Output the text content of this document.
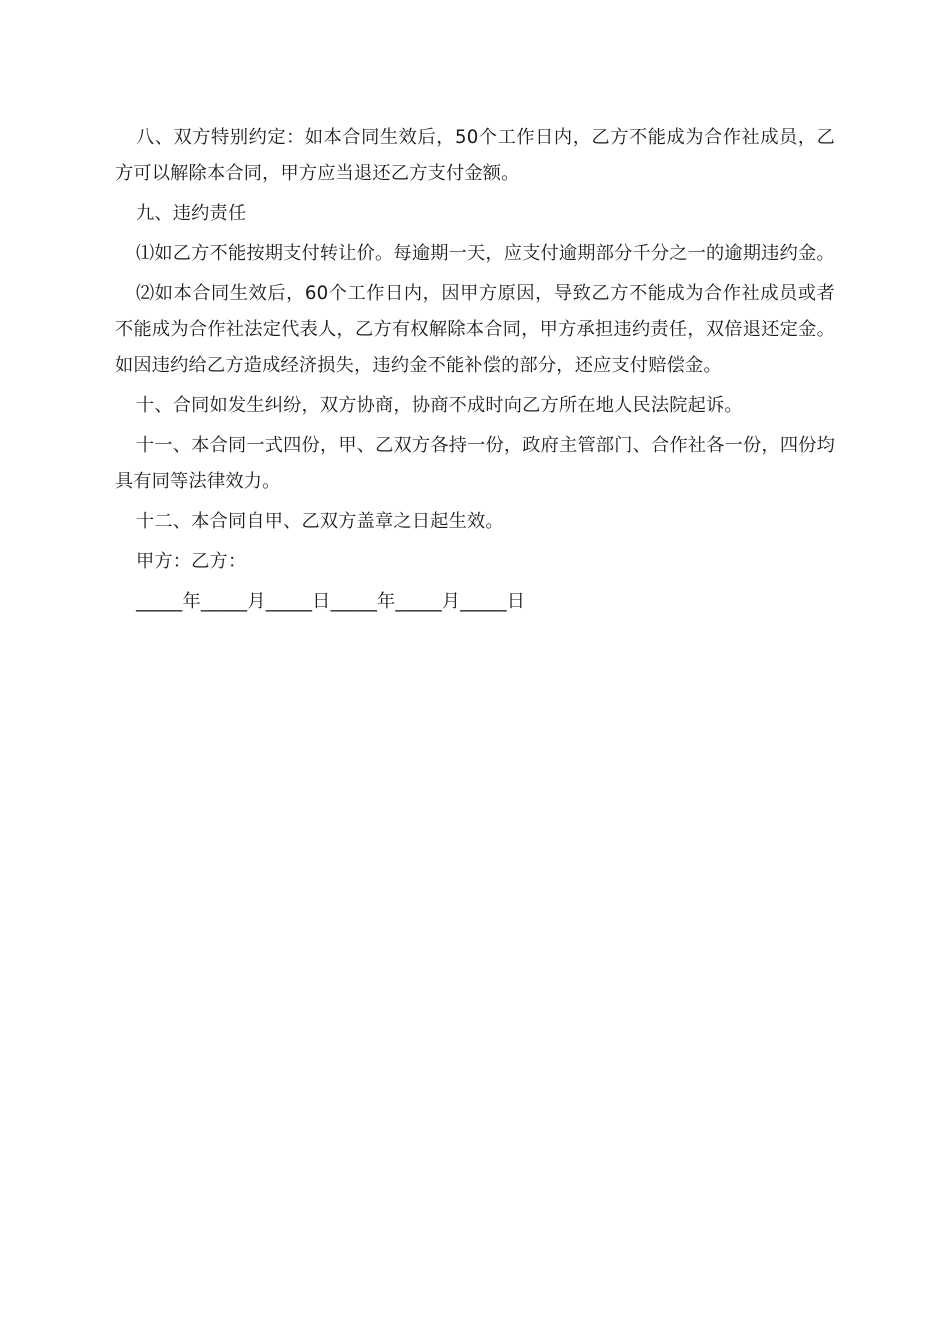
八、双方特别约定：如本合同生效后，50个工作日内，乙方不能成为合作社成员，乙方可以解除本合同，甲方应当退还乙方支付金额。

九、违约责任

⑴如乙方不能按期支付转让价。每逾期一天，应支付逾期部分千分之一的逾期违约金。

⑵如本合同生效后，60个工作日内，因甲方原因，导致乙方不能成为合作社成员或者不能成为合作社法定代表人，乙方有权解除本合同，甲方承担违约责任，双倍退还定金。如因违约给乙方造成经济损失，违约金不能补偿的部分，还应支付赔偿金。

十、合同如发生纠纷，双方协商，协商不成时向乙方所在地人民法院起诉。

十一、本合同一式四份，甲、乙双方各持一份，政府主管部门、合作社各一份，四份均具有同等法律效力。

十二、本合同自甲、乙双方盖章之日起生效。

甲方：乙方：

_____年_____月_____日_____年_____月_____日
